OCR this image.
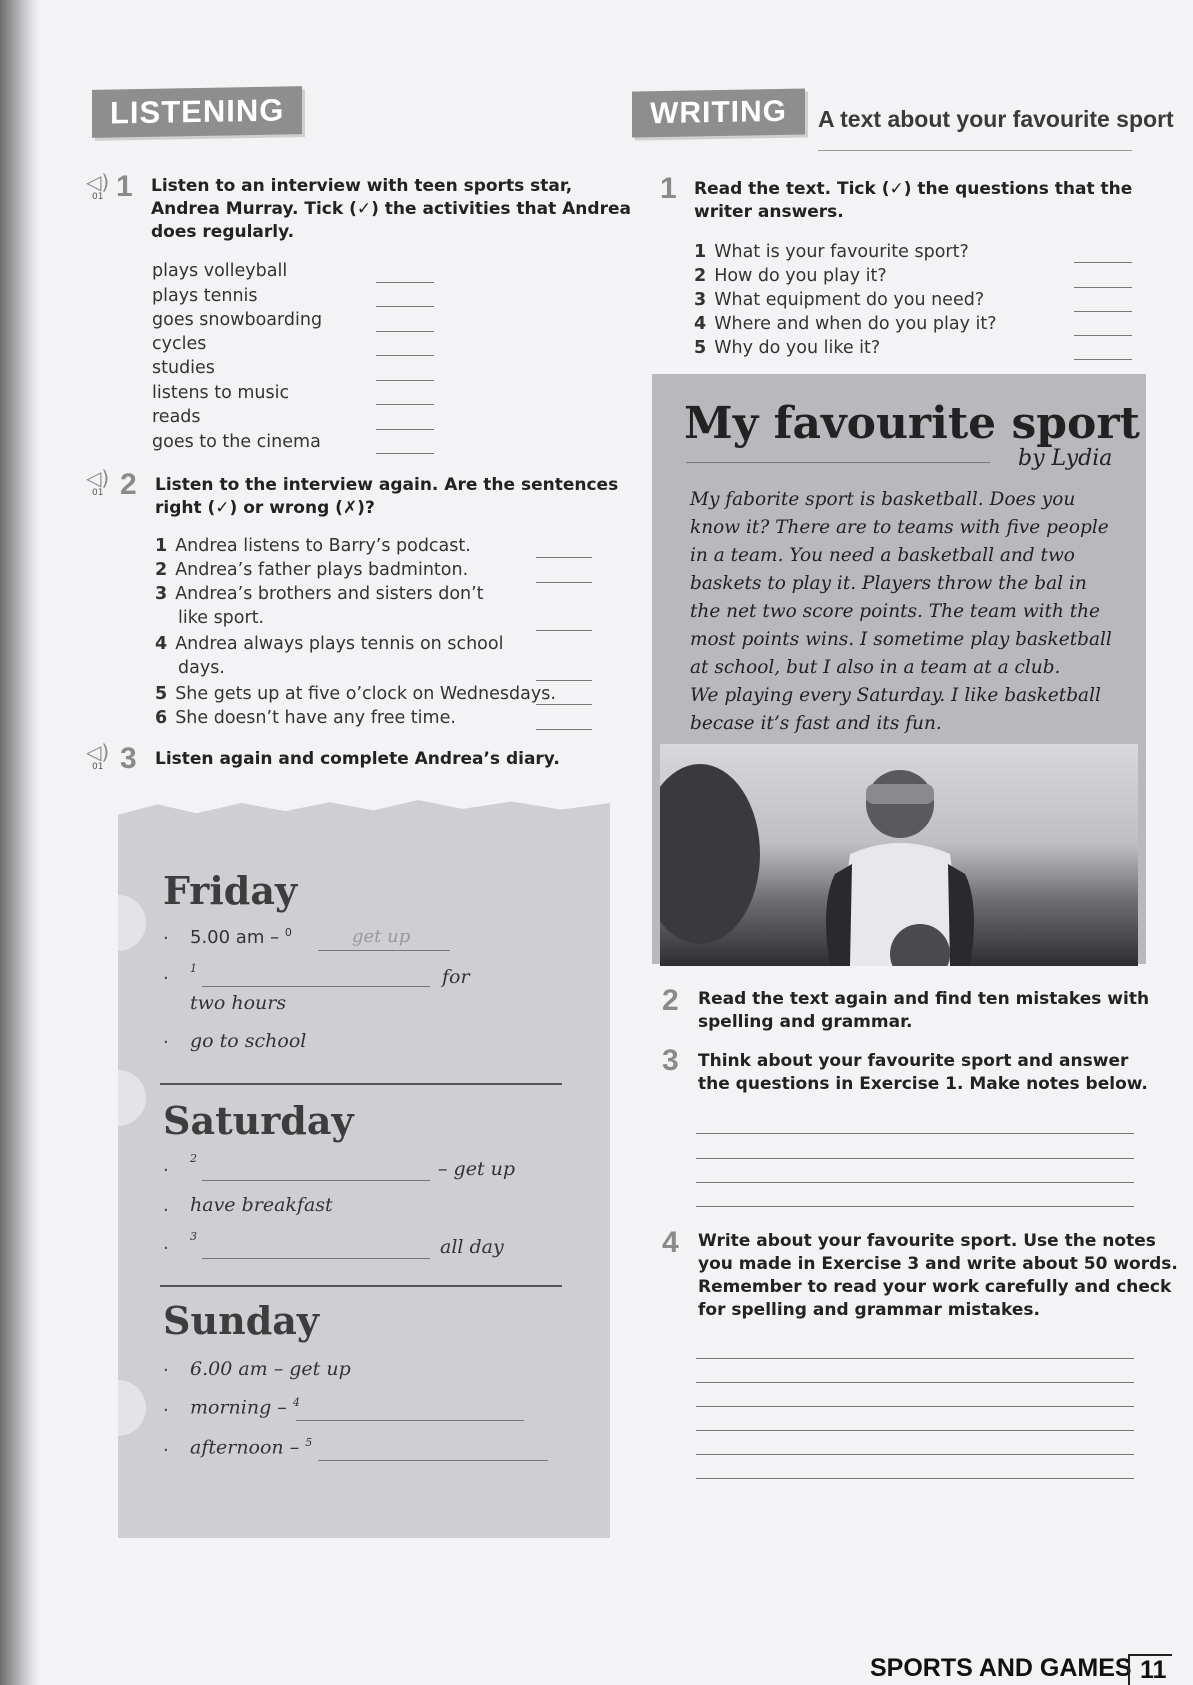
LISTENING
◁)
01 1 Listen to an interview with teen sports star,
Andrea Murray. Tick (✓) the activities that Andrea
does regularly.
plays volleyball
plays tennis
goes snowboarding
cycles
studies
listens to music
reads
goes to the cinema
◁)
01 2 Listen to the interview again. Are the sentences
right (✓) or wrong (✗)?
1 Andrea listens to Barry’s podcast.
2 Andrea’s father plays badminton.
3 Andrea’s brothers and sisters don’t
like sport.
4 Andrea always plays tennis on school
days.
5 She gets up at five o’clock on Wednesdays.
6 She doesn’t have any free time.
◁)
01 3 Listen again and complete Andrea’s diary.
Friday
· 5.00 am – $^0$	get up
· $^1$	for
two hours
· go to school
Saturday
·
$^2$	– get up
· have breakfast
·
$^3$	all day
Sunday
· 6.00 am – get up
· morning – $^4$
· afternoon – $^5$
WRITING	A text about your favourite sport
1 Read the text. Tick (✓) the questions that the
writer answers.
1 What is your favourite sport?
2 How do you play it?
3 What equipment do you need?
4 Where and when do you play it?
5 Why do you like it?
My favourite sport
by Lydia
My faborite sport is basketball. Does you
know it? There are to teams with five people
in a team. You need a basketball and two
baskets to play it. Players throw the bal in
the net two score points. The team with the
most points wins. I sometime play basketball
at school, but I also in a team at a club.
We playing every Saturday. I like basketball
becase it’s fast and its fun.
2 Read the text again and find ten mistakes with
spelling and grammar.
3 Think about your favourite sport and answer
the questions in Exercise 1. Make notes below.
4 Write about your favourite sport. Use the notes
you made in Exercise 3 and write about 50 words.
Remember to read your work carefully and check
for spelling and grammar mistakes.
SPORTS AND GAMES 11
